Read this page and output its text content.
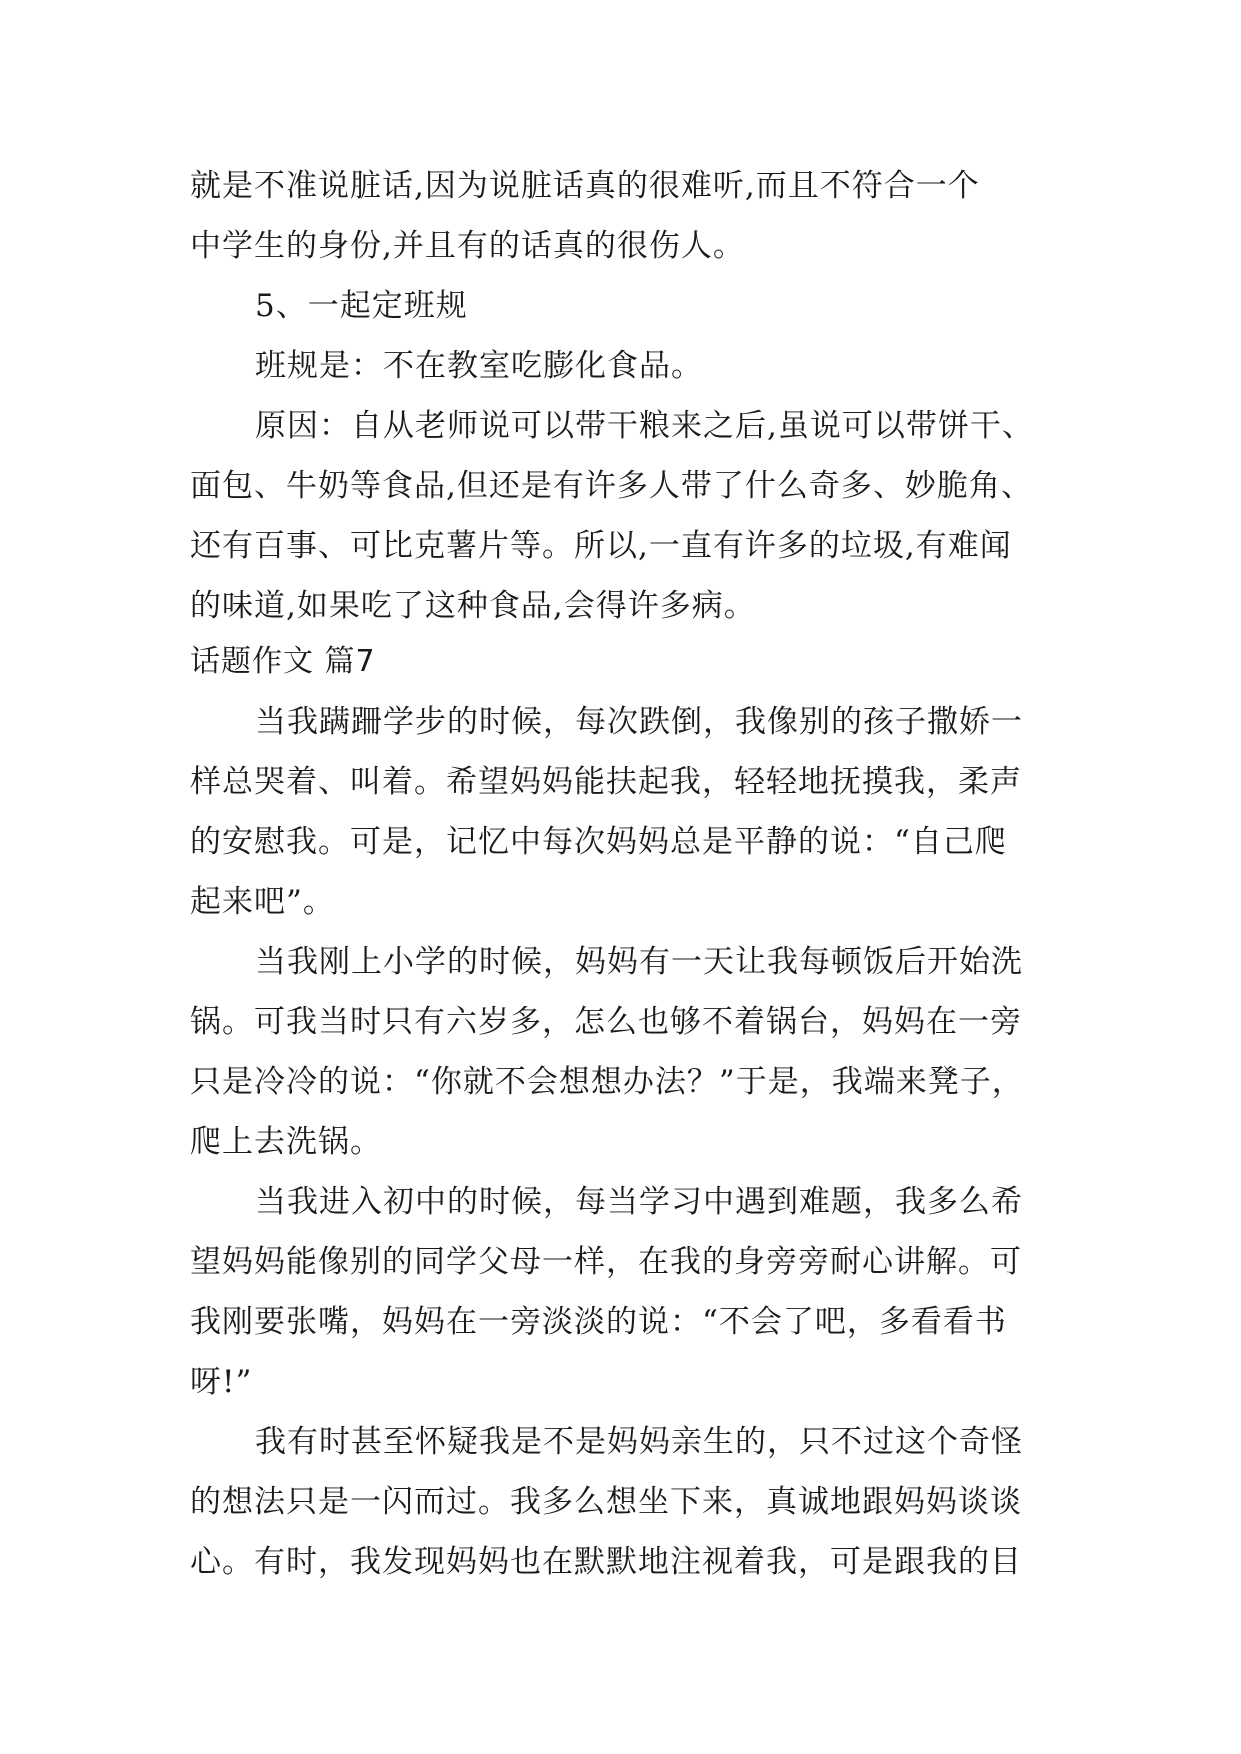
就是不准说脏话,因为说脏话真的很难听,而且不符合一个
中学生的身份,并且有的话真的很伤人。
5、一起定班规
班规是：不在教室吃膨化食品。
原因：自从老师说可以带干粮来之后,虽说可以带饼干、
面包、牛奶等食品,但还是有许多人带了什么奇多、妙脆角、
还有百事、可比克薯片等。所以,一直有许多的垃圾,有难闻
的味道,如果吃了这种食品,会得许多病。
话题作文 篇7
当我蹒跚学步的时候，每次跌倒，我像别的孩子撒娇一
样总哭着、叫着。希望妈妈能扶起我，轻轻地抚摸我，柔声
的安慰我。可是，记忆中每次妈妈总是平静的说：“自己爬
起来吧”。
当我刚上小学的时候，妈妈有一天让我每顿饭后开始洗
锅。可我当时只有六岁多，怎么也够不着锅台，妈妈在一旁
只是冷冷的说：“你就不会想想办法？”于是，我端来凳子，
爬上去洗锅。
当我进入初中的时候，每当学习中遇到难题，我多么希
望妈妈能像别的同学父母一样，在我的身旁旁耐心讲解。可
我刚要张嘴，妈妈在一旁淡淡的说：“不会了吧，多看看书
呀!”
我有时甚至怀疑我是不是妈妈亲生的，只不过这个奇怪
的想法只是一闪而过。我多么想坐下来，真诚地跟妈妈谈谈
心。有时，我发现妈妈也在默默地注视着我，可是跟我的目
